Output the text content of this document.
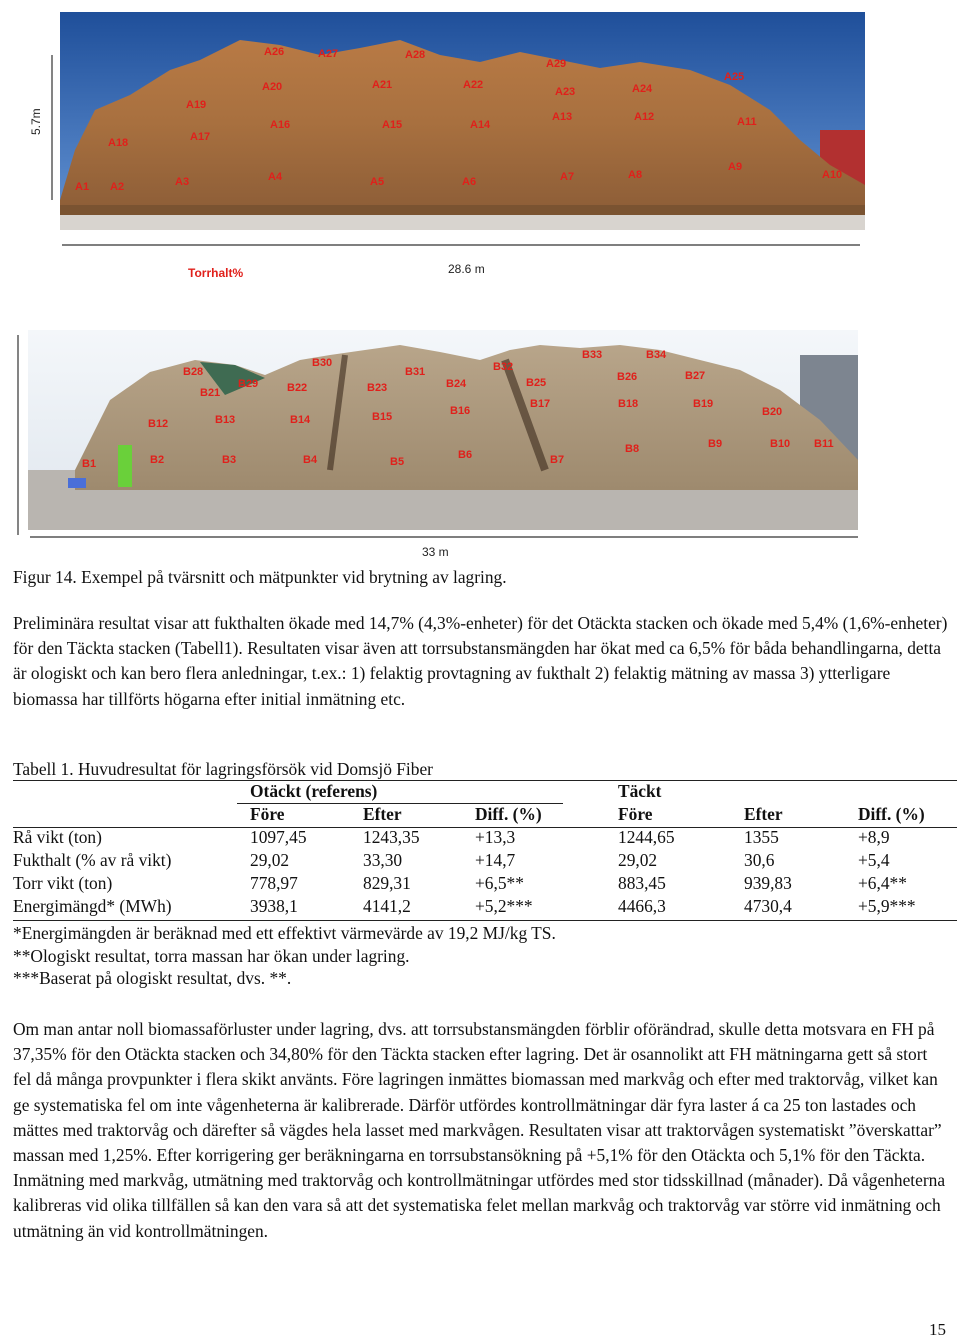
5.7m
28.6 m
Torrhalt%
A1 A2	A3	A4	A5	A6	A7	A8
A9
A10
A11
A12
A13
A14
A15
A16
A17
A18
A19
A20	A21	A22
A23	A24
A25
A26	A27	A28
A29
33 m
B1	B2	B3	B4	B5
B6	B7
B8	B9	B10 B11
B12	B13	B14	B15	B16
B17	B18	B19
B20
B21	B22	B23	B24	B25	B26	B27
B28
B29
B30
B31	B32
B33	B34
Figur 14. Exempel på tvärsnitt och mätpunkter vid brytning av lagring.
Preliminära resultat visar att fukthalten ökade med 14,7% (4,3%-enheter) för det Otäckta stacken och ökade med 5,4% (1,6%-enheter) för den Täckta stacken (Tabell1). Resultaten visar även att torrsubstansmängden har ökat med ca 6,5% för båda behandlingarna, detta är ologiskt och kan bero flera anledningar, t.ex.: 1) felaktig provtagning av fukthalt 2) felaktig mätning av massa 3) ytterligare biomassa har tillförts högarna efter initial inmätning etc.
Tabell 1. Huvudresultat för lagringsförsök vid Domsjö Fiber
Otäckt (referens)	Täckt
Före	Efter	Diff. (%)	Före	Efter	Diff. (%)
Rå vikt (ton)	1097,45	1243,35	+13,3	1244,65	1355	+8,9
Fukthalt (% av rå vikt)	29,02	33,30	+14,7	29,02	30,6	+5,4
Torr vikt (ton)	778,97	829,31	+6,5**	883,45	939,83	+6,4**
Energimängd* (MWh)	3938,1	4141,2	+5,2***	4466,3	4730,4	+5,9***
*Energimängden är beräknad med ett effektivt värmevärde av 19,2 MJ/kg TS.
**Ologiskt resultat, torra massan har ökan under lagring.
***Baserat på ologiskt resultat, dvs. **.
Om man antar noll biomassaförluster under lagring, dvs. att torrsubstansmängden förblir oförändrad, skulle detta motsvara en FH på 37,35% för den Otäckta stacken och 34,80% för den Täckta stacken efter lagring. Det är osannolikt att FH mätningarna gett så stort fel då många provpunkter i flera skikt använts. Före lagringen inmättes biomassan med markvåg och efter med traktorvåg, vilket kan ge systematiska fel om inte vågenheterna är kalibrerade. Därför utfördes kontrollmätningar där fyra laster á ca 25 ton lastades och mättes med traktorvåg och därefter så vägdes hela lasset med markvågen. Resultaten visar att traktorvågen systematiskt ”överskattar” massan med 1,25%. Efter korrigering ger beräkningarna en torrsubstansökning på +5,1% för den Otäckta och 5,1% för den Täckta. Inmätning med markvåg, utmätning med traktorvåg och kontrollmätningar utfördes med stor tidsskillnad (månader). Då vågenheterna kalibreras vid olika tillfällen så kan den vara så att det systematiska felet mellan markvåg och traktorvåg var större vid inmätning och utmätning än vid kontrollmätningen.
15
